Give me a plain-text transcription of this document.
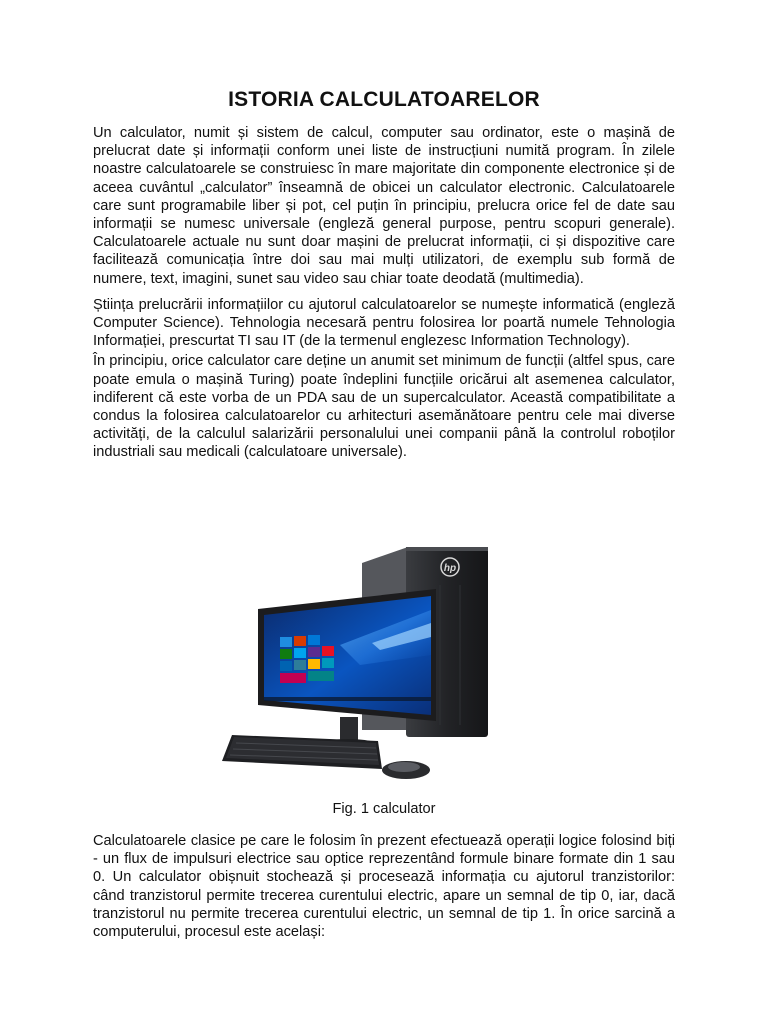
ISTORIA CALCULATOARELOR

Un calculator, numit și sistem de calcul, computer sau ordinator, este o mașină de prelucrat date și informații conform unei liste de instrucțiuni numită program. În zilele noastre calculatoarele se construiesc în mare majoritate din componente electronice și de aceea cuvântul „calculator” înseamnă de obicei un calculator electronic. Calculatoarele care sunt programabile liber și pot, cel puțin în principiu, prelucra orice fel de date sau informații se numesc universale (engleză general purpose, pentru scopuri generale). Calculatoarele actuale nu sunt doar mașini de prelucrat informații, ci și dispozitive care facilitează comunicația între doi sau mai mulți utilizatori, de exemplu sub formă de numere, text, imagini, sunet sau video sau chiar toate deodată (multimedia).

Știința prelucrării informațiilor cu ajutorul calculatoarelor se numește informatică (engleză Computer Science). Tehnologia necesară pentru folosirea lor poartă numele Tehnologia Informației, prescurtat TI sau IT (de la termenul englezesc Information Technology).

În principiu, orice calculator care deține un anumit set minimum de funcții (altfel spus, care poate emula o mașină Turing) poate îndeplini funcțiile oricărui alt asemenea calculator, indiferent că este vorba de un PDA sau de un supercalculator. Această compatibilitate a condus la folosirea calculatoarelor cu arhitecturi asemănătoare pentru cele mai diverse activități, de la calculul salarizării personalului unei companii până la controlul roboților industriali sau medicali (calculatoare universale).

hp
Fig. 1 calculator

Calculatoarele clasice pe care le folosim în prezent efectuează operații logice folosind biți - un flux de impulsuri electrice sau optice reprezentând formule binare formate din 1 sau 0. Un calculator obișnuit stochează și procesează informația cu ajutorul tranzistorilor: când tranzistorul permite trecerea curentului electric, apare un semnal de tip 0, iar, dacă tranzistorul nu permite trecerea curentului electric, un semnal de tip 1. În orice sarcină a computerului, procesul este același:
